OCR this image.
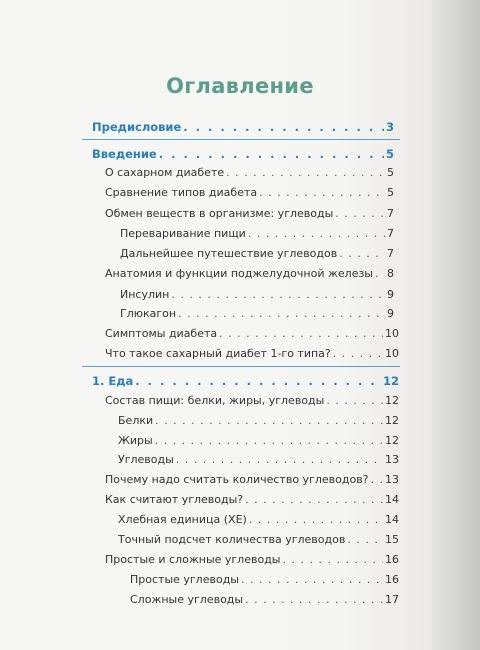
Оглавление
Предисловие . . .	3
Введение . . .	5
О сахарном диабете . . .	5
Сравнение типов диабета . . .	5
Обмен веществ в организме: углеводы . . .	7
Переваривание пищи . . .	7
Дальнейшее путешествие углеводов . . .	7
Анатомия и функции поджелудочной железы . . . 8
Инсулин . . .	9
Глюкагон . . .	9
Симптомы диабета . . .	10
Что такое сахарный диабет 1-го типа? . . .	10
1. Еда . . .	12
Состав пищи: белки, жиры, углеводы . . .	12
Белки . . .	12
Жиры . . .	12
Углеводы . . .	13
Почему надо считать количество углеводов? . . . 13
Как считают углеводы? . . .	14
Хлебная единица (ХЕ) . . .	14
Точный подсчет количества углеводов . . .	15
Простые и сложные углеводы . . .	16
Простые углеводы . . .	16
Сложные углеводы . . .	17
